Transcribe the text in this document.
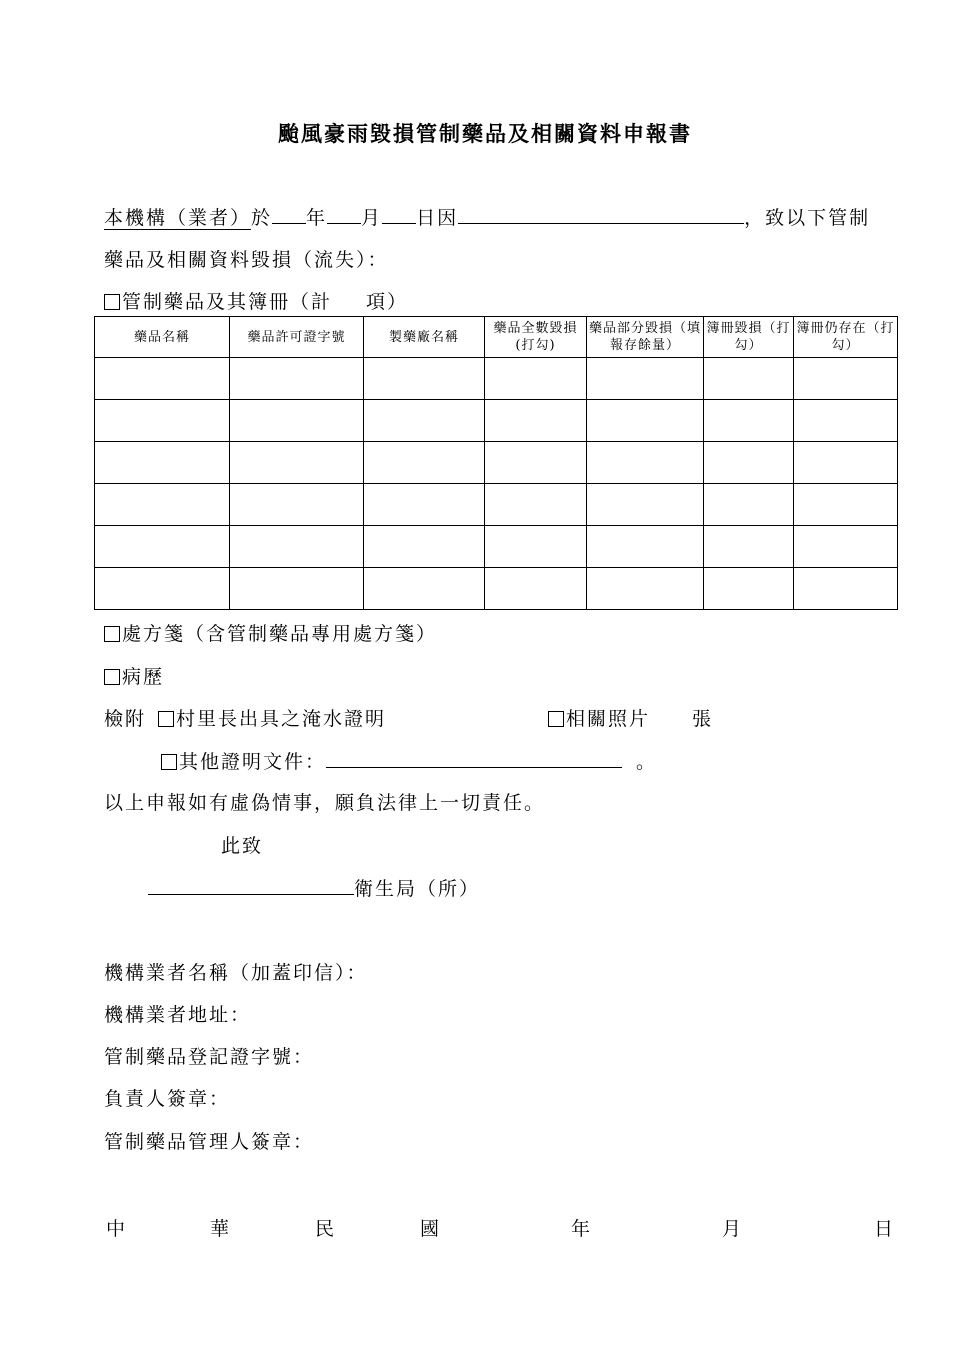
颱風豪雨毀損管制藥品及相關資料申報書
本機構（業者）於 年 月 日因	，致以下管制
藥品及相關資料毀損（流失）：
管制藥品及其簿冊（計 項）
藥品名稱	藥品許可證字號	製藥廠名稱	藥品全數毀損(打勾)	藥品部分毀損（填報存餘量）	簿冊毀損（打勾）	簿冊仍存在（打勾）

處方箋（含管制藥品專用處方箋）
病歷
檢附 村里長出具之淹水證明	相關照片 張
其他證明文件：	。
以上申報如有虛偽情事，願負法律上一切責任。
此致
衛生局（所）
機構業者名稱（加蓋印信）：
機構業者地址：
管制藥品登記證字號：
負責人簽章：
管制藥品管理人簽章：
中	華	民	國	年	月	日
